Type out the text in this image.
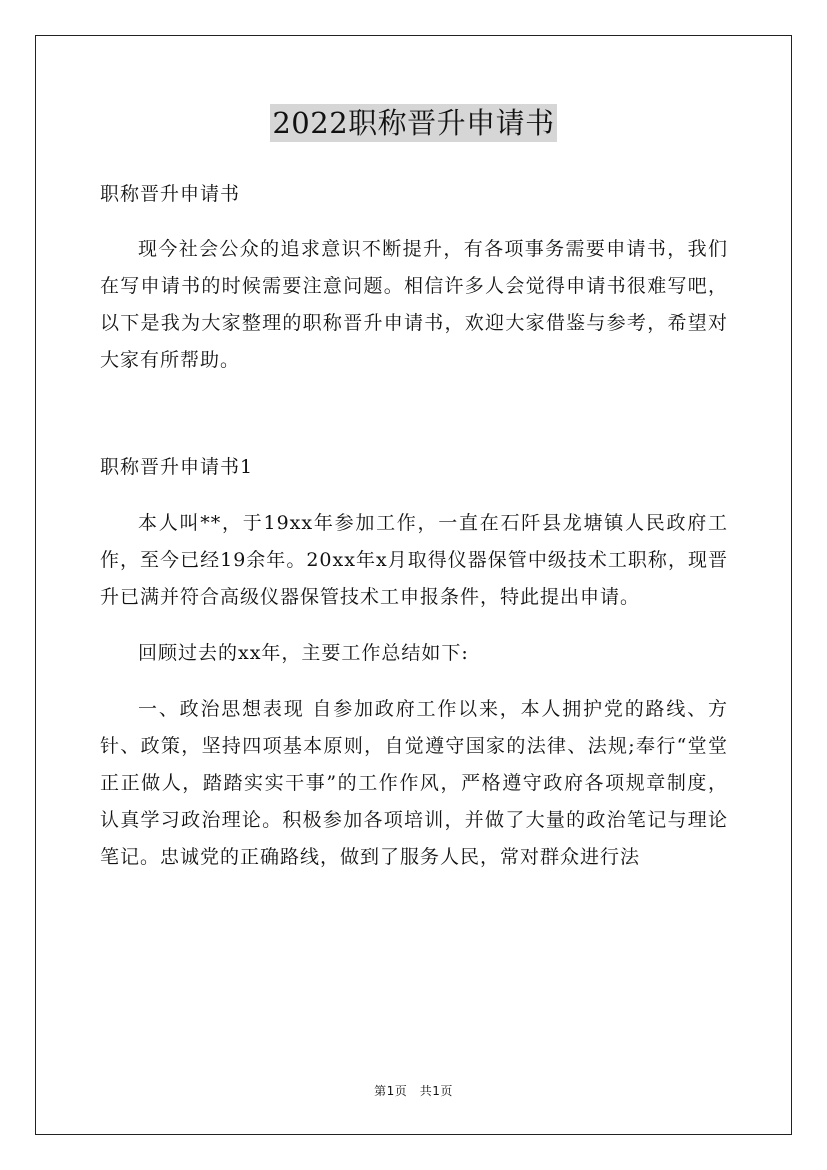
2022职称晋升申请书

职称晋升申请书

现今社会公众的追求意识不断提升，有各项事务需要申请书，我们在写申请书的时候需要注意问题。相信许多人会觉得申请书很难写吧，以下是我为大家整理的职称晋升申请书，欢迎大家借鉴与参考，希望对大家有所帮助。

职称晋升申请书1

本人叫**，于19xx年参加工作，一直在石阡县龙塘镇人民政府工作，至今已经19余年。20xx年x月取得仪器保管中级技术工职称，现晋升已满并符合高级仪器保管技术工申报条件，特此提出申请。

回顾过去的xx年，主要工作总结如下:

一、政治思想表现 自参加政府工作以来，本人拥护党的路线、方针、政策，坚持四项基本原则，自觉遵守国家的法律、法规;奉行“堂堂正正做人，踏踏实实干事”的工作作风，严格遵守政府各项规章制度，认真学习政治理论。积极参加各项培训，并做了大量的政治笔记与理论笔记。忠诚党的正确路线，做到了服务人民，常对群众进行法

第1页　共1页
